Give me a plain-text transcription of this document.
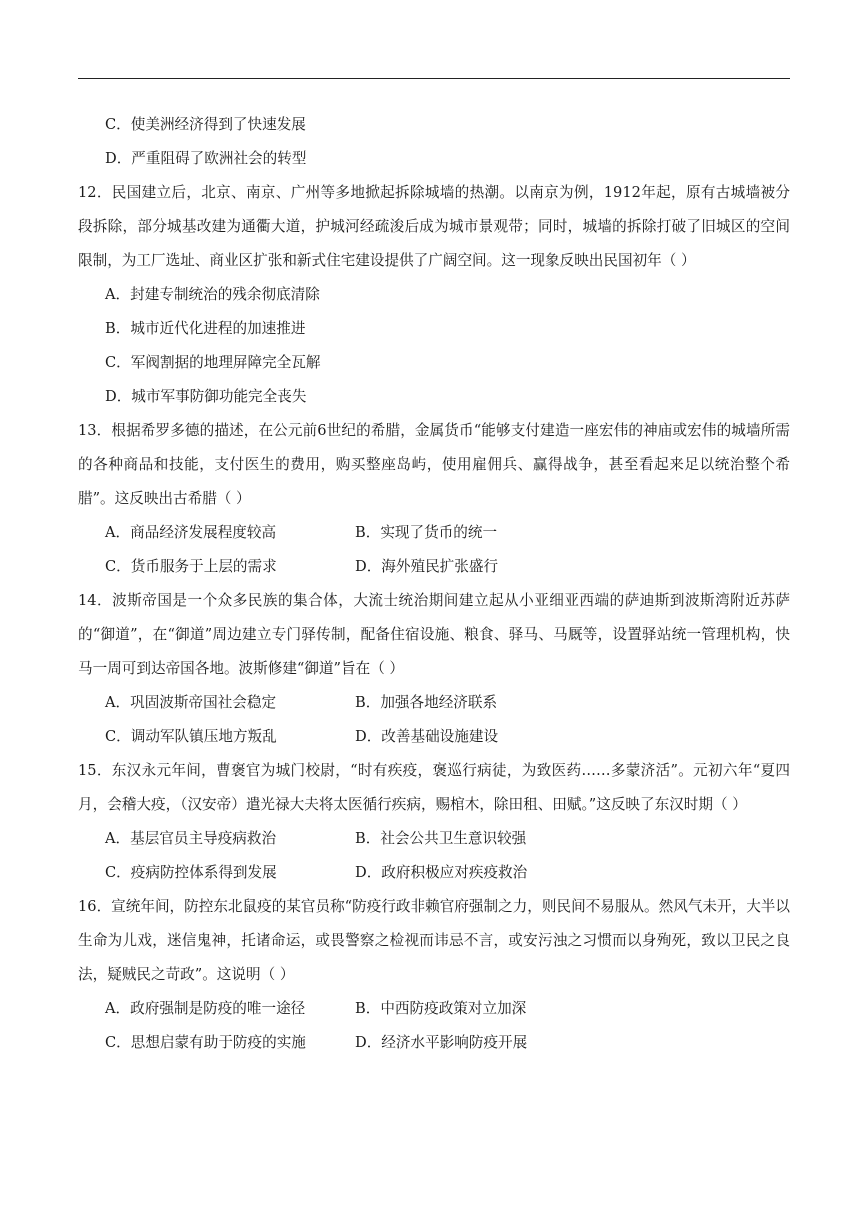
C．使美洲经济得到了快速发展
D．严重阻碍了欧洲社会的转型
12．民国建立后，北京、南京、广州等多地掀起拆除城墙的热潮。以南京为例，1912年起，原有古城墙被分段拆除，部分城基改建为通衢大道，护城河经疏浚后成为城市景观带；同时，城墙的拆除打破了旧城区的空间限制，为工厂选址、商业区扩张和新式住宅建设提供了广阔空间。这一现象反映出民国初年（ ）
A．封建专制统治的残余彻底清除
B．城市近代化进程的加速推进
C．军阀割据的地理屏障完全瓦解
D．城市军事防御功能完全丧失
13．根据希罗多德的描述，在公元前6世纪的希腊，金属货币“能够支付建造一座宏伟的神庙或宏伟的城墙所需的各种商品和技能，支付医生的费用，购买整座岛屿，使用雇佣兵、赢得战争，甚至看起来足以统治整个希腊”。这反映出古希腊（ ）
A．商品经济发展程度较高	B．实现了货币的统一
C．货币服务于上层的需求	D．海外殖民扩张盛行
14．波斯帝国是一个众多民族的集合体，大流士统治期间建立起从小亚细亚西端的萨迪斯到波斯湾附近苏萨的“御道”，在“御道”周边建立专门驿传制，配备住宿设施、粮食、驿马、马厩等，设置驿站统一管理机构，快马一周可到达帝国各地。波斯修建“御道”旨在（ ）
A．巩固波斯帝国社会稳定	B．加强各地经济联系
C．调动军队镇压地方叛乱	D．改善基础设施建设
15．东汉永元年间，曹褒官为城门校尉，“时有疾疫，褒巡行病徒，为致医药……多蒙济活”。元初六年“夏四月，会稽大疫，（汉安帝）遣光禄大夫将太医循行疾病，赐棺木，除田租、田赋。”这反映了东汉时期（ ）
A．基层官员主导疫病救治	B．社会公共卫生意识较强
C．疫病防控体系得到发展	D．政府积极应对疾疫救治
16．宣统年间，防控东北鼠疫的某官员称“防疫行政非赖官府强制之力，则民间不易服从。然风气未开，大半以生命为儿戏，迷信鬼神，托诸命运，或畏警察之检视而讳忌不言，或安污浊之习惯而以身殉死，致以卫民之良法，疑贼民之苛政”。这说明（ ）
A．政府强制是防疫的唯一途径	B．中西防疫政策对立加深
C．思想启蒙有助于防疫的实施	D．经济水平影响防疫开展
